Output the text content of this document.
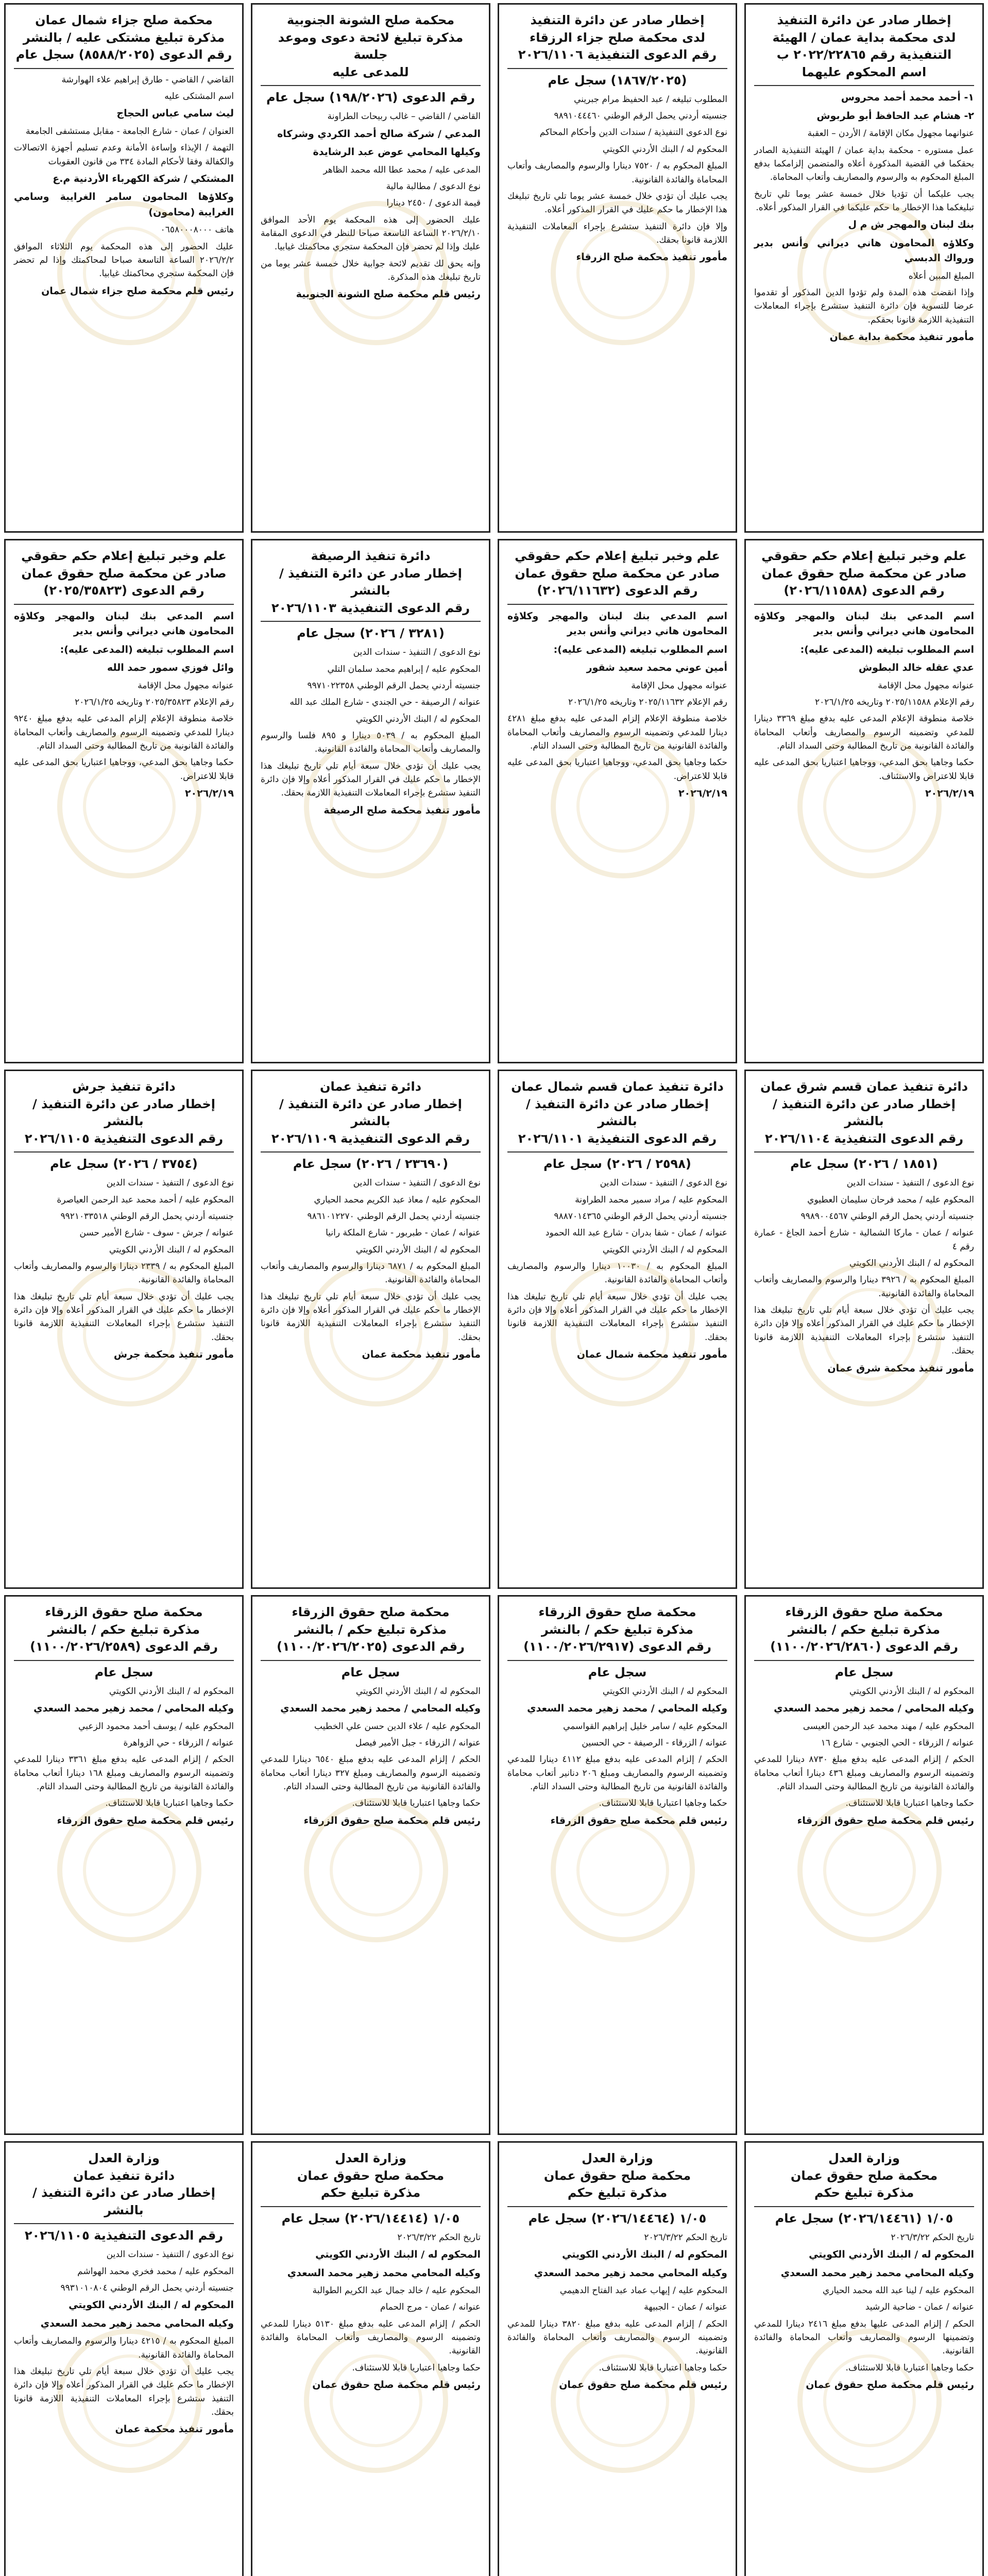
إخطار صادر عن دائرة التنفيذ
لدى محكمة بداية عمان / الهيئة التنفيذية رقم ٢٠٢٢/٢٢٨٦٥ ب
اسم المحكوم عليهما

١- أحمد محمد أحمد محروس

٢- هشام عبد الحافظ أبو طربوش

عنوانهما مجهول مكان الإقامة / الأردن – العقبة

عمل مستوره - محكمة بداية عمان / الهيئة التنفيذية الصادر بحقكما في القضية المذكورة أعلاه والمتضمن إلزامكما بدفع المبلغ المحكوم به والرسوم والمصاريف وأتعاب المحاماة.

يجب عليكما أن تؤديا خلال خمسة عشر يوما تلي تاريخ تبليغكما هذا الإخطار ما حكم عليكما في القرار المذكور أعلاه.

بنك لبنان والمهجر ش م ل

وكلاؤه المحامون هاني ديراني وأنس بدير ورواك الدبسي

المبلغ المبين أعلاه

وإذا انقضت هذه المدة ولم تؤدوا الدين المذكور أو تقدموا عرضا للتسوية فإن دائرة التنفيذ ستشرع بإجراء المعاملات التنفيذية اللازمة قانونا بحقكم.

مأمور تنفيذ محكمة بداية عمان

إخطار صادر عن دائرة التنفيذ
لدى محكمة صلح جزاء الرزقاء
رقم الدعوى التنفيذية ٢٠٢٦/١١٠٦
(١٨٦٧/٢٠٢٥) سجل عام

المطلوب تبليغه / عبد الحفيظ مرام جبريني

جنسيته أردني يحمل الرقم الوطني ٩٨٩١٠٤٤٤٦٠

نوع الدعوى التنفيذية / سندات الدين وأحكام المحاكم

المحكوم له / البنك الأردني الكويتي

المبلغ المحكوم به / ٧٥٢٠ دينارا والرسوم والمصاريف وأتعاب المحاماة والفائدة القانونية.

يجب عليك أن تؤدي خلال خمسة عشر يوما تلي تاريخ تبليغك هذا الإخطار ما حكم عليك في القرار المذكور أعلاه.

وإلا فإن دائرة التنفيذ ستشرع بإجراء المعاملات التنفيذية اللازمة قانونا بحقك.

مأمور تنفيذ محكمة صلح الزرقاء

محكمة صلح الشونة الجنوبية
مذكرة تبليغ لائحة دعوى وموعد جلسة
للمدعى عليه
رقم الدعوى (١٩٨/٢٠٢٦) سجل عام

القاضي / القاضي – غالب ربيحات الطراونة

المدعي / شركة صالح أحمد الكردي وشركاه

وكيلها المحامي عوض عبد الرشايدة

المدعى عليه / محمد عطا الله محمد الظاهر

نوع الدعوى / مطالبة مالية

قيمة الدعوى / ٢٤٥٠ دينارا

عليك الحضور إلى هذه المحكمة يوم الأحد الموافق ٢٠٢٦/٢/١٠ الساعة التاسعة صباحا للنظر في الدعوى المقامة عليك وإذا لم تحضر فإن المحكمة ستجري محاكمتك غيابيا.

وإنه يحق لك تقديم لائحة جوابية خلال خمسة عشر يوما من تاريخ تبليغك هذه المذكرة.

رئيس قلم محكمة صلح الشونة الجنوبية

محكمة صلح جزاء شمال عمان
مذكرة تبليغ مشتكى عليه / بالنشر
رقم الدعوى (٨٥٨٨/٢٠٢٥) سجل عام

القاضي / القاضي - طارق إبراهيم علاء الهوارشة

اسم المشتكى عليه

ليث سامي عباس الحجاج

العنوان / عمان - شارع الجامعة - مقابل مستشفى الجامعة

التهمة / الإيذاء وإساءة الأمانة وعدم تسليم أجهزة الاتصالات والكفالة وفقا لأحكام المادة ٣٣٤ من قانون العقوبات

المشتكي / شركة الكهرباء الأردنية م.ع

وكلاؤها المحامون سامر الغرايبة وسامي الغرايبة (محامون)

هاتف ٠٦٥٨٠٠٠٨٠٠٠

عليك الحضور إلى هذه المحكمة يوم الثلاثاء الموافق ٢٠٢٦/٢/٢ الساعة التاسعة صباحا لمحاكمتك وإذا لم تحضر فإن المحكمة ستجري محاكمتك غيابيا.

رئيس قلم محكمة صلح جزاء شمال عمان

علم وخبر تبليغ إعلام حكم حقوقي
صادر عن محكمة صلح حقوق عمان
رقم الدعوى (٢٠٢٦/١١٥٨٨)

اسم المدعي بنك لبنان والمهجر وكلاؤه المحامون هاني ديراني وأنس بدير

اسم المطلوب تبليغه (المدعى عليه):

عدي عقله خالد البطوش

عنوانه مجهول محل الإقامة

رقم الإعلام ٢٠٢٥/١١٥٨٨ وتاريخه ٢٠٢٦/١/٢٥

خلاصة منطوقة الإعلام المدعى عليه بدفع مبلغ ٣٣٦٩ دينارا للمدعي وتضمينه الرسوم والمصاريف وأتعاب المحاماة والفائدة القانونية من تاريخ المطالبة وحتى السداد التام.

حكما وجاهيا بحق المدعي، ووجاهيا اعتباريا بحق المدعى عليه قابلا للاعتراض والاستئناف.

٢٠٢٦/٢/١٩

علم وخبر تبليغ إعلام حكم حقوقي
صادر عن محكمة صلح حقوق عمان
رقم الدعوى (٢٠٢٦/١١٦٣٢)

اسم المدعي بنك لبنان والمهجر وكلاؤه المحامون هاني ديراني وأنس بدير

اسم المطلوب تبليغه (المدعى عليه):

أمين عوني محمد سعيد شقور

عنوانه مجهول محل الإقامة

رقم الإعلام ٢٠٢٥/١١٦٣٢ وتاريخه ٢٠٢٦/١/٢٥

خلاصة منطوقة الإعلام إلزام المدعى عليه بدفع مبلغ ٤٢٨١ دينارا للمدعي وتضمينه الرسوم والمصاريف وأتعاب المحاماة والفائدة القانونية من تاريخ المطالبة وحتى السداد التام.

حكما وجاهيا بحق المدعي، ووجاهيا اعتباريا بحق المدعى عليه قابلا للاعتراض.

٢٠٢٦/٢/١٩

دائرة تنفيذ الرصيفة
إخطار صادر عن دائرة التنفيذ / بالنشر
رقم الدعوى التنفيذية ٢٠٢٦/١١٠٣
(٣٢٨١ / ٢٠٢٦) سجل عام

نوع الدعوى / التنفيذ - سندات الدين

المحكوم عليه / إبراهيم محمد سلمان التلي

جنسيته أردني يحمل الرقم الوطني ٩٩٧١٠٢٢٣٥٨

عنوانه / الرصيفة - حي الجندي - شارع الملك عبد الله

المحكوم له / البنك الأردني الكويتي

المبلغ المحكوم به / ٥٠٣٩ دينارا و ٨٩٥ فلسا والرسوم والمصاريف وأتعاب المحاماة والفائدة القانونية.

يجب عليك أن تؤدي خلال سبعة أيام تلي تاريخ تبليغك هذا الإخطار ما حكم عليك في القرار المذكور أعلاه وإلا فإن دائرة التنفيذ ستشرع بإجراء المعاملات التنفيذية اللازمة بحقك.

مأمور تنفيذ محكمة صلح الرصيفة

علم وخبر تبليغ إعلام حكم حقوقي
صادر عن محكمة صلح حقوق عمان
رقم الدعوى (٢٠٢٥/٣٥٨٢٣)

اسم المدعي بنك لبنان والمهجر وكلاؤه المحامون هاني ديراني وأنس بدير

اسم المطلوب تبليغه (المدعى عليه):

وائل فوزي سمور حمد الله

عنوانه مجهول محل الإقامة

رقم الإعلام ٢٠٢٥/٣٥٨٢٣ وتاريخه ٢٠٢٦/١/٢٥

خلاصة منطوقة الإعلام إلزام المدعى عليه بدفع مبلغ ٩٢٤٠ دينارا للمدعي وتضمينه الرسوم والمصاريف وأتعاب المحاماة والفائدة القانونية من تاريخ المطالبة وحتى السداد التام.

حكما وجاهيا بحق المدعي، ووجاهيا اعتباريا بحق المدعى عليه قابلا للاعتراض.

٢٠٢٦/٢/١٩

دائرة تنفيذ عمان قسم شرق عمان
إخطار صادر عن دائرة التنفيذ / بالنشر
رقم الدعوى التنفيذية ٢٠٢٦/١١٠٤
(١٨٥١ / ٢٠٢٦) سجل عام

نوع الدعوى / التنفيذ - سندات الدين

المحكوم عليه / محمد فرحان سليمان العطيوي

جنسيته أردني يحمل الرقم الوطني ٩٩٨٩٠٠٤٥٦٧

عنوانه / عمان - ماركا الشمالية - شارع أحمد الجاغ - عمارة رقم ٤

المحكوم له / البنك الأردني الكويتي

المبلغ المحكوم به / ٣٩٢٦ دينارا والرسوم والمصاريف وأتعاب المحاماة والفائدة القانونية.

يجب عليك أن تؤدي خلال سبعة أيام تلي تاريخ تبليغك هذا الإخطار ما حكم عليك في القرار المذكور أعلاه وإلا فإن دائرة التنفيذ ستشرع بإجراء المعاملات التنفيذية اللازمة قانونا بحقك.

مأمور تنفيذ محكمة شرق عمان

دائرة تنفيذ عمان قسم شمال عمان
إخطار صادر عن دائرة التنفيذ / بالنشر
رقم الدعوى التنفيذية ٢٠٢٦/١١٠١
(٢٥٩٨ / ٢٠٢٦) سجل عام

نوع الدعوى / التنفيذ - سندات الدين

المحكوم عليه / مراد سمير محمد الطراونة

جنسيته أردني يحمل الرقم الوطني ٩٨٨٧٠١٤٣٦٥

عنوانه / عمان - شفا بدران - شارع عبد الله الحمود

المحكوم له / البنك الأردني الكويتي

المبلغ المحكوم به / ١٠٠٣٠ دينارا والرسوم والمصاريف وأتعاب المحاماة والفائدة القانونية.

يجب عليك أن تؤدي خلال سبعة أيام تلي تاريخ تبليغك هذا الإخطار ما حكم عليك في القرار المذكور أعلاه وإلا فإن دائرة التنفيذ ستشرع بإجراء المعاملات التنفيذية اللازمة قانونا بحقك.

مأمور تنفيذ محكمة شمال عمان

دائرة تنفيذ عمان
إخطار صادر عن دائرة التنفيذ / بالنشر
رقم الدعوى التنفيذية ٢٠٢٦/١١٠٩
(٢٣٦٩٠ / ٢٠٢٦) سجل عام

نوع الدعوى / التنفيذ - سندات الدين

المحكوم عليه / معاذ عبد الكريم محمد الحياري

جنسيته أردني يحمل الرقم الوطني ٩٨٦١٠١٢٢٧٠

عنوانه / عمان - طبربور - شارع الملكة رانيا

المحكوم له / البنك الأردني الكويتي

المبلغ المحكوم به / ٦٨٧١ دينارا والرسوم والمصاريف وأتعاب المحاماة والفائدة القانونية.

يجب عليك أن تؤدي خلال سبعة أيام تلي تاريخ تبليغك هذا الإخطار ما حكم عليك في القرار المذكور أعلاه وإلا فإن دائرة التنفيذ ستشرع بإجراء المعاملات التنفيذية اللازمة قانونا بحقك.

مأمور تنفيذ محكمة عمان

دائرة تنفيذ جرش
إخطار صادر عن دائرة التنفيذ / بالنشر
رقم الدعوى التنفيذية ٢٠٢٦/١١٠٥
(٣٧٥٤ / ٢٠٢٦) سجل عام

نوع الدعوى / التنفيذ - سندات الدين

المحكوم عليه / أحمد محمد عبد الرحمن العياصرة

جنسيته أردني يحمل الرقم الوطني ٩٩٢١٠٣٣٥١٨

عنوانه / جرش - سوف - شارع الأمير حسن

المحكوم له / البنك الأردني الكويتي

المبلغ المحكوم به / ٢٣٣٩ دينارا والرسوم والمصاريف وأتعاب المحاماة والفائدة القانونية.

يجب عليك أن تؤدي خلال سبعة أيام تلي تاريخ تبليغك هذا الإخطار ما حكم عليك في القرار المذكور أعلاه وإلا فإن دائرة التنفيذ ستشرع بإجراء المعاملات التنفيذية اللازمة قانونا بحقك.

مأمور تنفيذ محكمة جرش

محكمة صلح حقوق الزرقاء
مذكرة تبليغ حكم / بالنشر
رقم الدعوى (١١٠٠/٢٠٢٦/٢٨٦٠)
سجل عام

المحكوم له / البنك الأردني الكويتي

وكيله المحامي / محمد زهير محمد السعدي

المحكوم عليه / مهند محمد عبد الرحمن العيسى

عنوانه / الزرقاء - الحي الجنوبي - شارع ١٦

الحكم / إلزام المدعى عليه بدفع مبلغ ٨٧٣٠ دينارا للمدعي وتضمينه الرسوم والمصاريف ومبلغ ٤٣٦ دينارا أتعاب محاماة والفائدة القانونية من تاريخ المطالبة وحتى السداد التام.

حكما وجاهيا اعتباريا قابلا للاستئناف.

رئيس قلم محكمة صلح حقوق الزرقاء

محكمة صلح حقوق الزرقاء
مذكرة تبليغ حكم / بالنشر
رقم الدعوى (١١٠٠/٢٠٢٦/٢٩١٧)
سجل عام

المحكوم له / البنك الأردني الكويتي

وكيله المحامي / محمد زهير محمد السعدي

المحكوم عليه / سامر خليل إبراهيم القواسمي

عنوانه / الزرقاء - الرصيفة - حي الحسين

الحكم / إلزام المدعى عليه بدفع مبلغ ٤١١٢ دينارا للمدعي وتضمينه الرسوم والمصاريف ومبلغ ٢٠٦ دنانير أتعاب محاماة والفائدة القانونية من تاريخ المطالبة وحتى السداد التام.

حكما وجاهيا اعتباريا قابلا للاستئناف.

رئيس قلم محكمة صلح حقوق الزرقاء

محكمة صلح حقوق الزرقاء
مذكرة تبليغ حكم / بالنشر
رقم الدعوى (١١٠٠/٢٠٢٦/٢٠٢٥)
سجل عام

المحكوم له / البنك الأردني الكويتي

وكيله المحامي / محمد زهير محمد السعدي

المحكوم عليه / علاء الدين حسن علي الخطيب

عنوانه / الزرقاء - جبل الأمير فيصل

الحكم / إلزام المدعى عليه بدفع مبلغ ٦٥٤٠ دينارا للمدعي وتضمينه الرسوم والمصاريف ومبلغ ٣٢٧ دينارا أتعاب محاماة والفائدة القانونية من تاريخ المطالبة وحتى السداد التام.

حكما وجاهيا اعتباريا قابلا للاستئناف.

رئيس قلم محكمة صلح حقوق الزرقاء

محكمة صلح حقوق الزرقاء
مذكرة تبليغ حكم / بالنشر
رقم الدعوى (١١٠٠/٢٠٢٦/٢٥٨٩)
سجل عام

المحكوم له / البنك الأردني الكويتي

وكيله المحامي / محمد زهير محمد السعدي

المحكوم عليه / يوسف أحمد محمود الزعبي

عنوانه / الزرقاء - حي الزواهرة

الحكم / إلزام المدعى عليه بدفع مبلغ ٣٣٦١ دينارا للمدعي وتضمينه الرسوم والمصاريف ومبلغ ١٦٨ دينارا أتعاب محاماة والفائدة القانونية من تاريخ المطالبة وحتى السداد التام.

حكما وجاهيا اعتباريا قابلا للاستئناف.

رئيس قلم محكمة صلح حقوق الزرقاء

وزارة العدل
محكمة صلح حقوق عمان
مذكرة تبليغ حكم
١/٠٥ (٢٠٢٦/١٤٤٦١) سجل عام

تاريخ الحكم ٢٠٢٦/٣/٢٢

المحكوم له / البنك الأردني الكويتي

وكيله المحامي محمد زهير محمد السعدي

المحكوم عليه / لينا عبد الله محمد الحياري

عنوانه / عمان - ضاحية الرشيد

الحكم / إلزام المدعى عليها بدفع مبلغ ٢٤١٦ دينارا للمدعي وتضمينها الرسوم والمصاريف وأتعاب المحاماة والفائدة القانونية.

حكما وجاهيا اعتباريا قابلا للاستئناف.

رئيس قلم محكمة صلح حقوق عمان

وزارة العدل
محكمة صلح حقوق عمان
مذكرة تبليغ حكم
١/٠٥ (٢٠٢٦/١٤٤٦٤) سجل عام

تاريخ الحكم ٢٠٢٦/٣/٢٢

المحكوم له / البنك الأردني الكويتي

وكيله المحامي محمد زهير محمد السعدي

المحكوم عليه / إيهاب عماد عبد الفتاح الدهيمي

عنوانه / عمان - الجبيهة

الحكم / إلزام المدعى عليه بدفع مبلغ ٣٨٢٠ دينارا للمدعي وتضمينه الرسوم والمصاريف وأتعاب المحاماة والفائدة القانونية.

حكما وجاهيا اعتباريا قابلا للاستئناف.

رئيس قلم محكمة صلح حقوق عمان

وزارة العدل
محكمة صلح حقوق عمان
مذكرة تبليغ حكم
١/٠٥ (٢٠٢٦/١٤٤١٤) سجل عام

تاريخ الحكم ٢٠٢٦/٣/٢٢

المحكوم له / البنك الأردني الكويتي

وكيله المحامي محمد زهير محمد السعدي

المحكوم عليه / خالد جمال عبد الكريم الطوالبة

عنوانه / عمان - مرج الحمام

الحكم / إلزام المدعى عليه بدفع مبلغ ٥١٣٠ دينارا للمدعي وتضمينه الرسوم والمصاريف وأتعاب المحاماة والفائدة القانونية.

حكما وجاهيا اعتباريا قابلا للاستئناف.

رئيس قلم محكمة صلح حقوق عمان

وزارة العدل
دائرة تنفيذ عمان
إخطار صادر عن دائرة التنفيذ / بالنشر
رقم الدعوى التنفيذية ٢٠٢٦/١١٠٥

نوع الدعوى / التنفيذ - سندات الدين

المحكوم عليه / محمد فخري محمد الهواشم

جنسيته أردني يحمل الرقم الوطني ٩٩٣١٠١٠٨٠٤

المحكوم له / البنك الأردني الكويتي

وكيله المحامي محمد زهير محمد السعدي

المبلغ المحكوم به / ٤٢١٥ دينارا والرسوم والمصاريف وأتعاب المحاماة والفائدة القانونية.

يجب عليك أن تؤدي خلال سبعة أيام تلي تاريخ تبليغك هذا الإخطار ما حكم عليك في القرار المذكور أعلاه وإلا فإن دائرة التنفيذ ستشرع بإجراء المعاملات التنفيذية اللازمة قانونا بحقك.

مأمور تنفيذ محكمة عمان
